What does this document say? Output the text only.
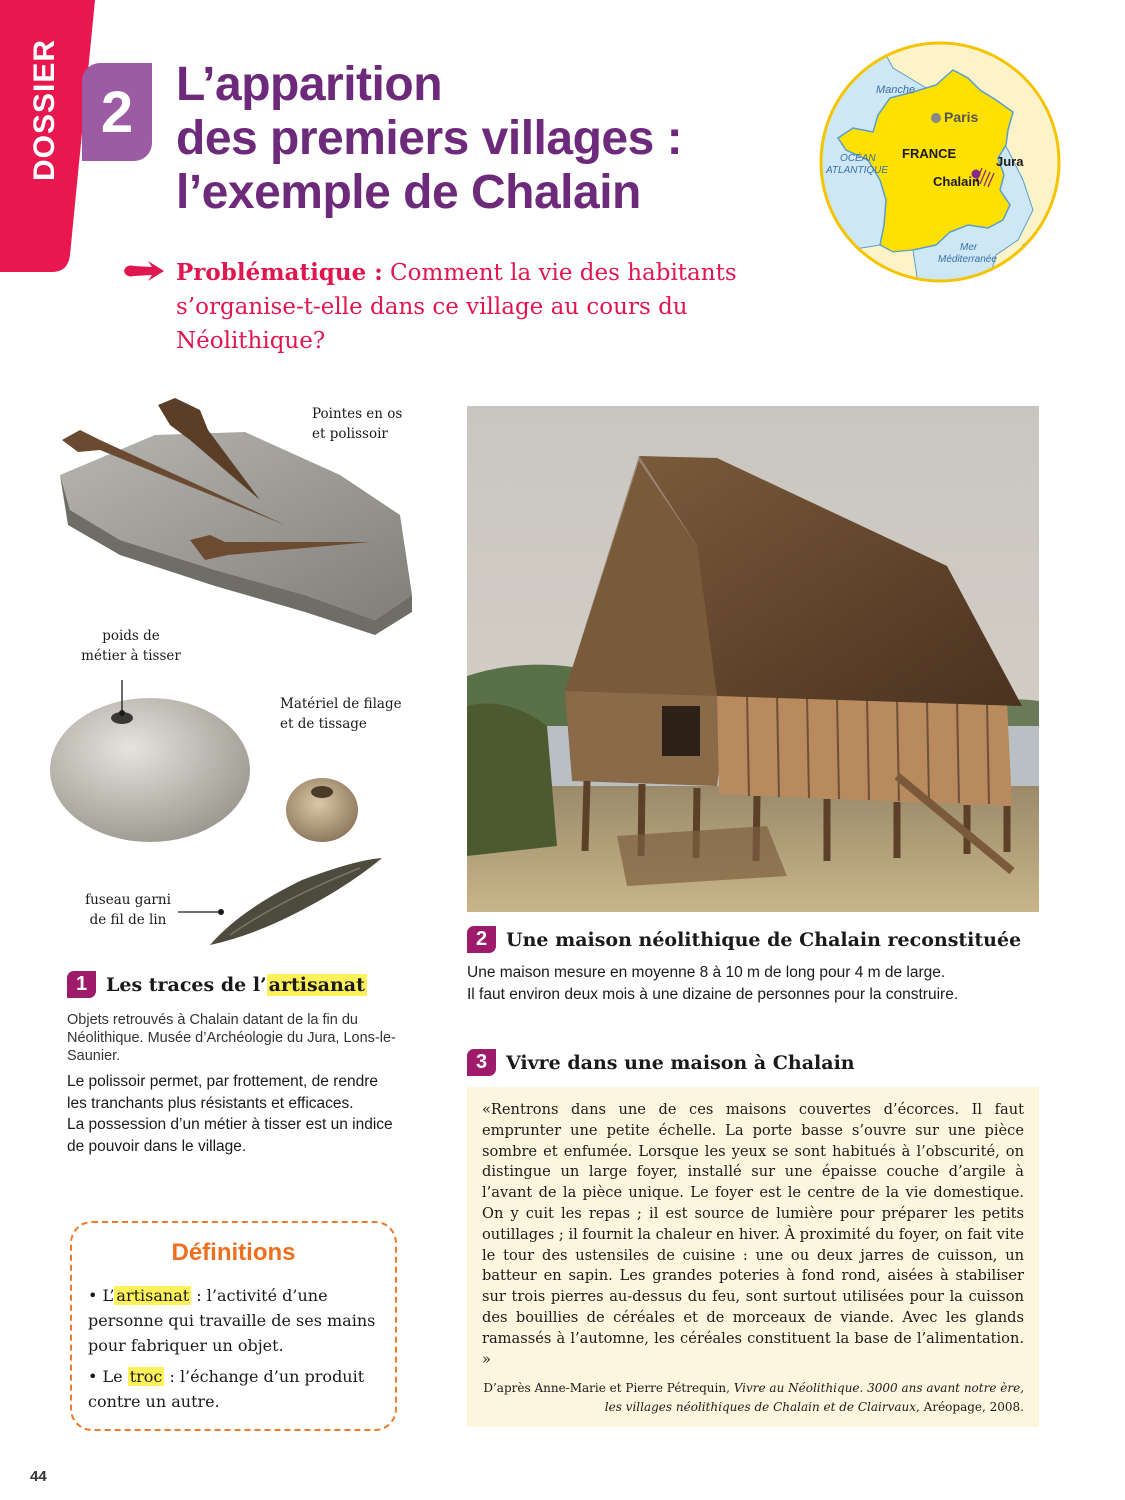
DOSSIER 2 L’apparition
des premiers villages :
l’exemple de Chalain

Problématique : Comment la vie des habitants s’organise-t-elle dans ce village au cours du Néolithique?

Manche
Paris
FRANCE
Jura
Chalain
OCÉAN
ATLANTIQUE
Mer
Méditerranée
Pointes en os
et polissoir
poids de
métier à tisser
Matériel de filage
et de tissage
fuseau garni
de fil de lin
1 Les traces de l’ artisanat
Objets retrouvés à Chalain datant de la fin du Néolithique. Musée d’Archéologie du Jura, Lons-le-Saunier.

Le polissoir permet, par frottement, de rendre les tranchants plus résistants et efficaces.

La possession d’un métier à tisser est un indice de pouvoir dans le village.

2 Une maison néolithique de Chalain reconstituée

Une maison mesure en moyenne 8 à 10 m de long pour 4 m de large.

Il faut environ deux mois à une dizaine de personnes pour la construire.

3 Vivre dans une maison à Chalain

«Rentrons dans une de ces maisons couvertes d’écorces. Il faut emprunter une petite échelle. La porte basse s’ouvre sur une pièce sombre et enfumée. Lorsque les yeux se sont habitués à l’obscurité, on distingue un large foyer, installé sur une épaisse couche d’argile à l’avant de la pièce unique. Le foyer est le centre de la vie domestique. On y cuit les repas ; il est source de lumière pour préparer les petits outillages ; il fournit la chaleur en hiver. À proximité du foyer, on fait vite le tour des ustensiles de cuisine : une ou deux jarres de cuisson, un batteur en sapin. Les grandes poteries à fond rond, aisées à stabiliser sur trois pierres au-dessus du feu, sont surtout utilisées pour la cuisson des bouillies de céréales et de morceaux de viande. Avec les glands ramassés à l’automne, les céréales constituent la base de l’alimentation. »

D’après Anne-Marie et Pierre Pétrequin, Vivre au Néolithique. 3000 ans avant notre ère, les villages néolithiques de Chalain et de Clairvaux, Aréopage, 2008.

Définitions

• L’ artisanat : l’activité d’une personne qui travaille de ses mains pour fabriquer un objet.

• Le troc : l’échange d’un produit contre un autre.

44
